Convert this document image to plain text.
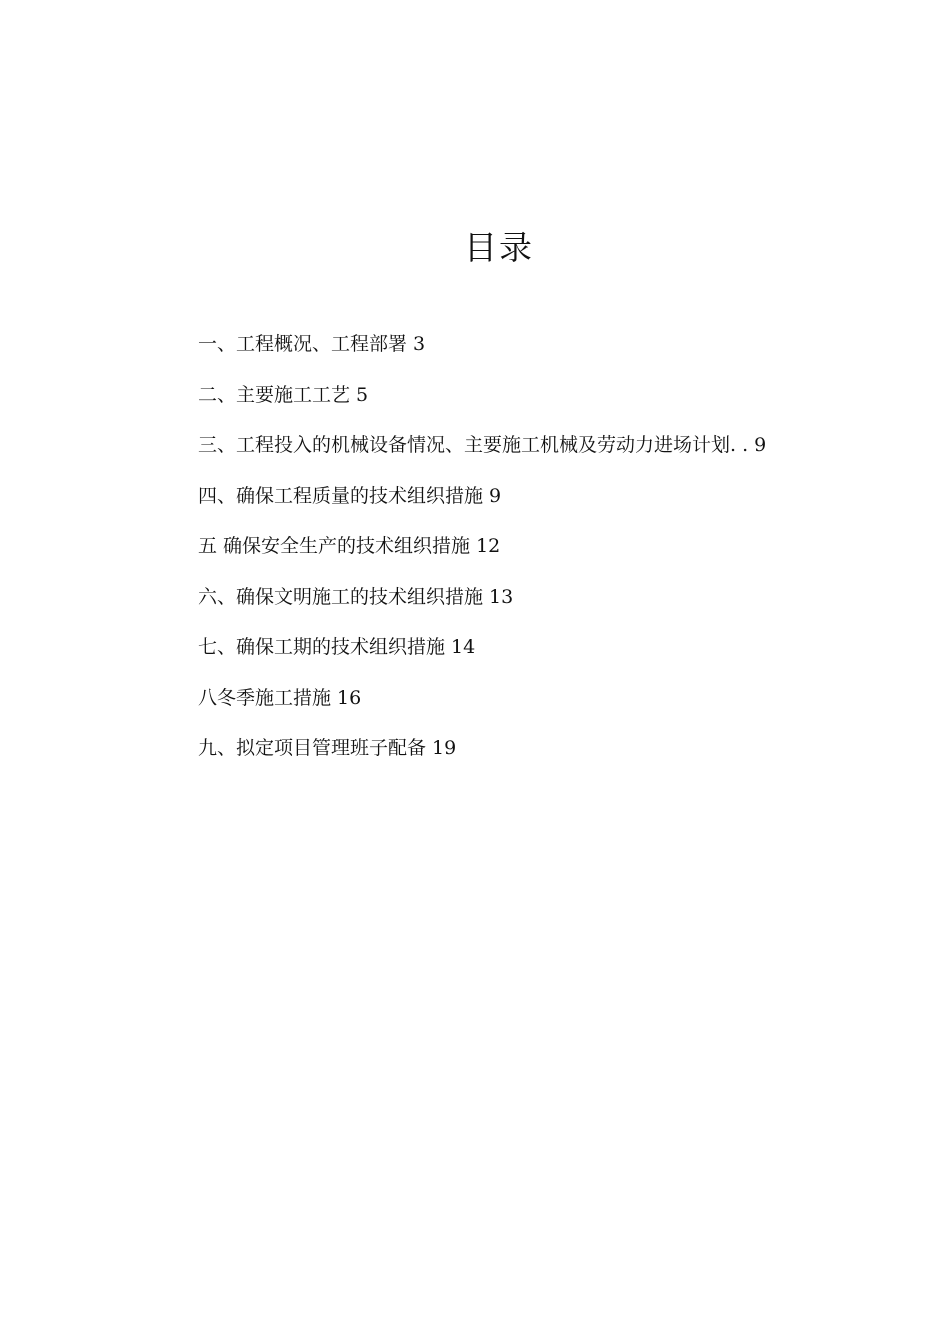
目录
一、工程概况、工程部署 3
二、主要施工工艺 5
三、工程投入的机械设备情况、主要施工机械及劳动力进场计划. . 9
四、确保工程质量的技术组织措施 9
五 确保安全生产的技术组织措施 12
六、确保文明施工的技术组织措施 13
七、确保工期的技术组织措施 14
八冬季施工措施 16
九、拟定项目管理班子配备 19
